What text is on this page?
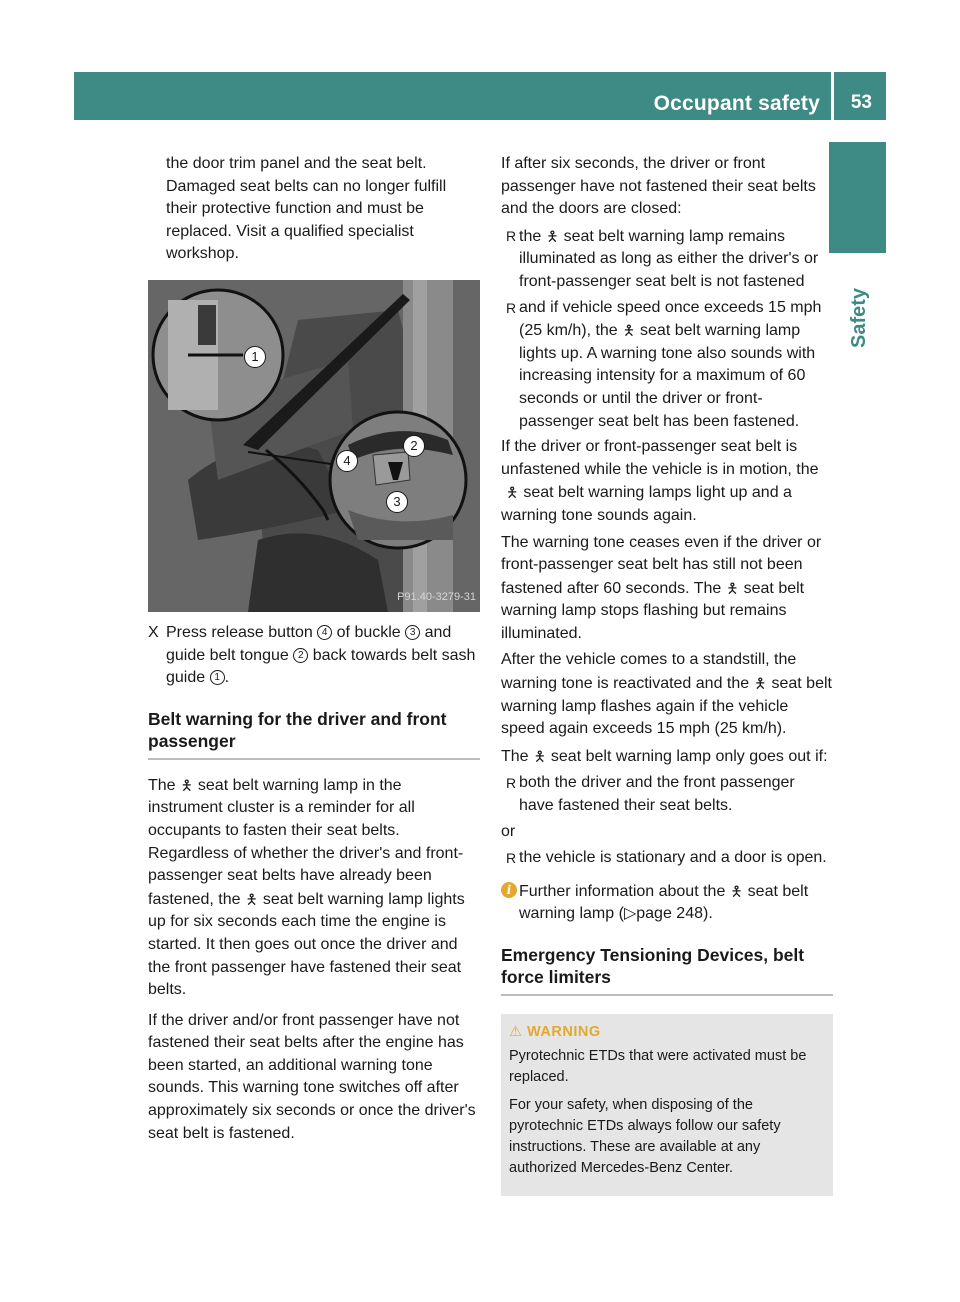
Occupant safety 53
Safety

the door trim panel and the seat belt. Damaged seat belts can no longer fulfill their protective function and must be replaced. Visit a qualified specialist workshop.

1
2
3
4
P91.40-3279-31
X Press release button 4 of buckle 3 and guide belt tongue 2 back towards belt sash guide 1 .
Belt warning for the driver and front passenger

The 🯅 seat belt warning lamp in the instrument cluster is a reminder for all occupants to fasten their seat belts. Regardless of whether the driver's and front-passenger seat belts have already been fastened, the 🯅 seat belt warning lamp lights up for six seconds each time the engine is started. It then goes out once the driver and the front passenger have fastened their seat belts.

If the driver and/or front passenger have not fastened their seat belts after the engine has been started, an additional warning tone sounds. This warning tone switches off after approximately six seconds or once the driver's seat belt is fastened.

If after six seconds, the driver or front passenger have not fastened their seat belts and the doors are closed:

R the 🯅 seat belt warning lamp remains illuminated as long as either the driver's or front-passenger seat belt is not fastened
R and if vehicle speed once exceeds 15 mph (25 km/h), the 🯅 seat belt warning lamp lights up. A warning tone also sounds with increasing intensity for a maximum of 60 seconds or until the driver or front-passenger seat belt has been fastened.

If the driver or front-passenger seat belt is unfastened while the vehicle is in motion, the🯅 seat belt warning lamps light up and a warning tone sounds again.

The warning tone ceases even if the driver or front-passenger seat belt has still not been fastened after 60 seconds. The 🯅 seat belt warning lamp stops flashing but remains illuminated.

After the vehicle comes to a standstill, the warning tone is reactivated and the 🯅 seat belt warning lamp flashes again if the vehicle speed again exceeds 15 mph (25 km/h).

The 🯅 seat belt warning lamp only goes out if:

R both the driver and the front passenger have fastened their seat belts.

or

R the vehicle is stationary and a door is open.
i Further information about the 🯅 seat belt warning lamp (▷page 248).
Emergency Tensioning Devices, belt force limiters
⚠ WARNING

Pyrotechnic ETDs that were activated must be replaced.

For your safety, when disposing of the pyrotechnic ETDs always follow our safety instructions. These are available at any authorized Mercedes-Benz Center.
